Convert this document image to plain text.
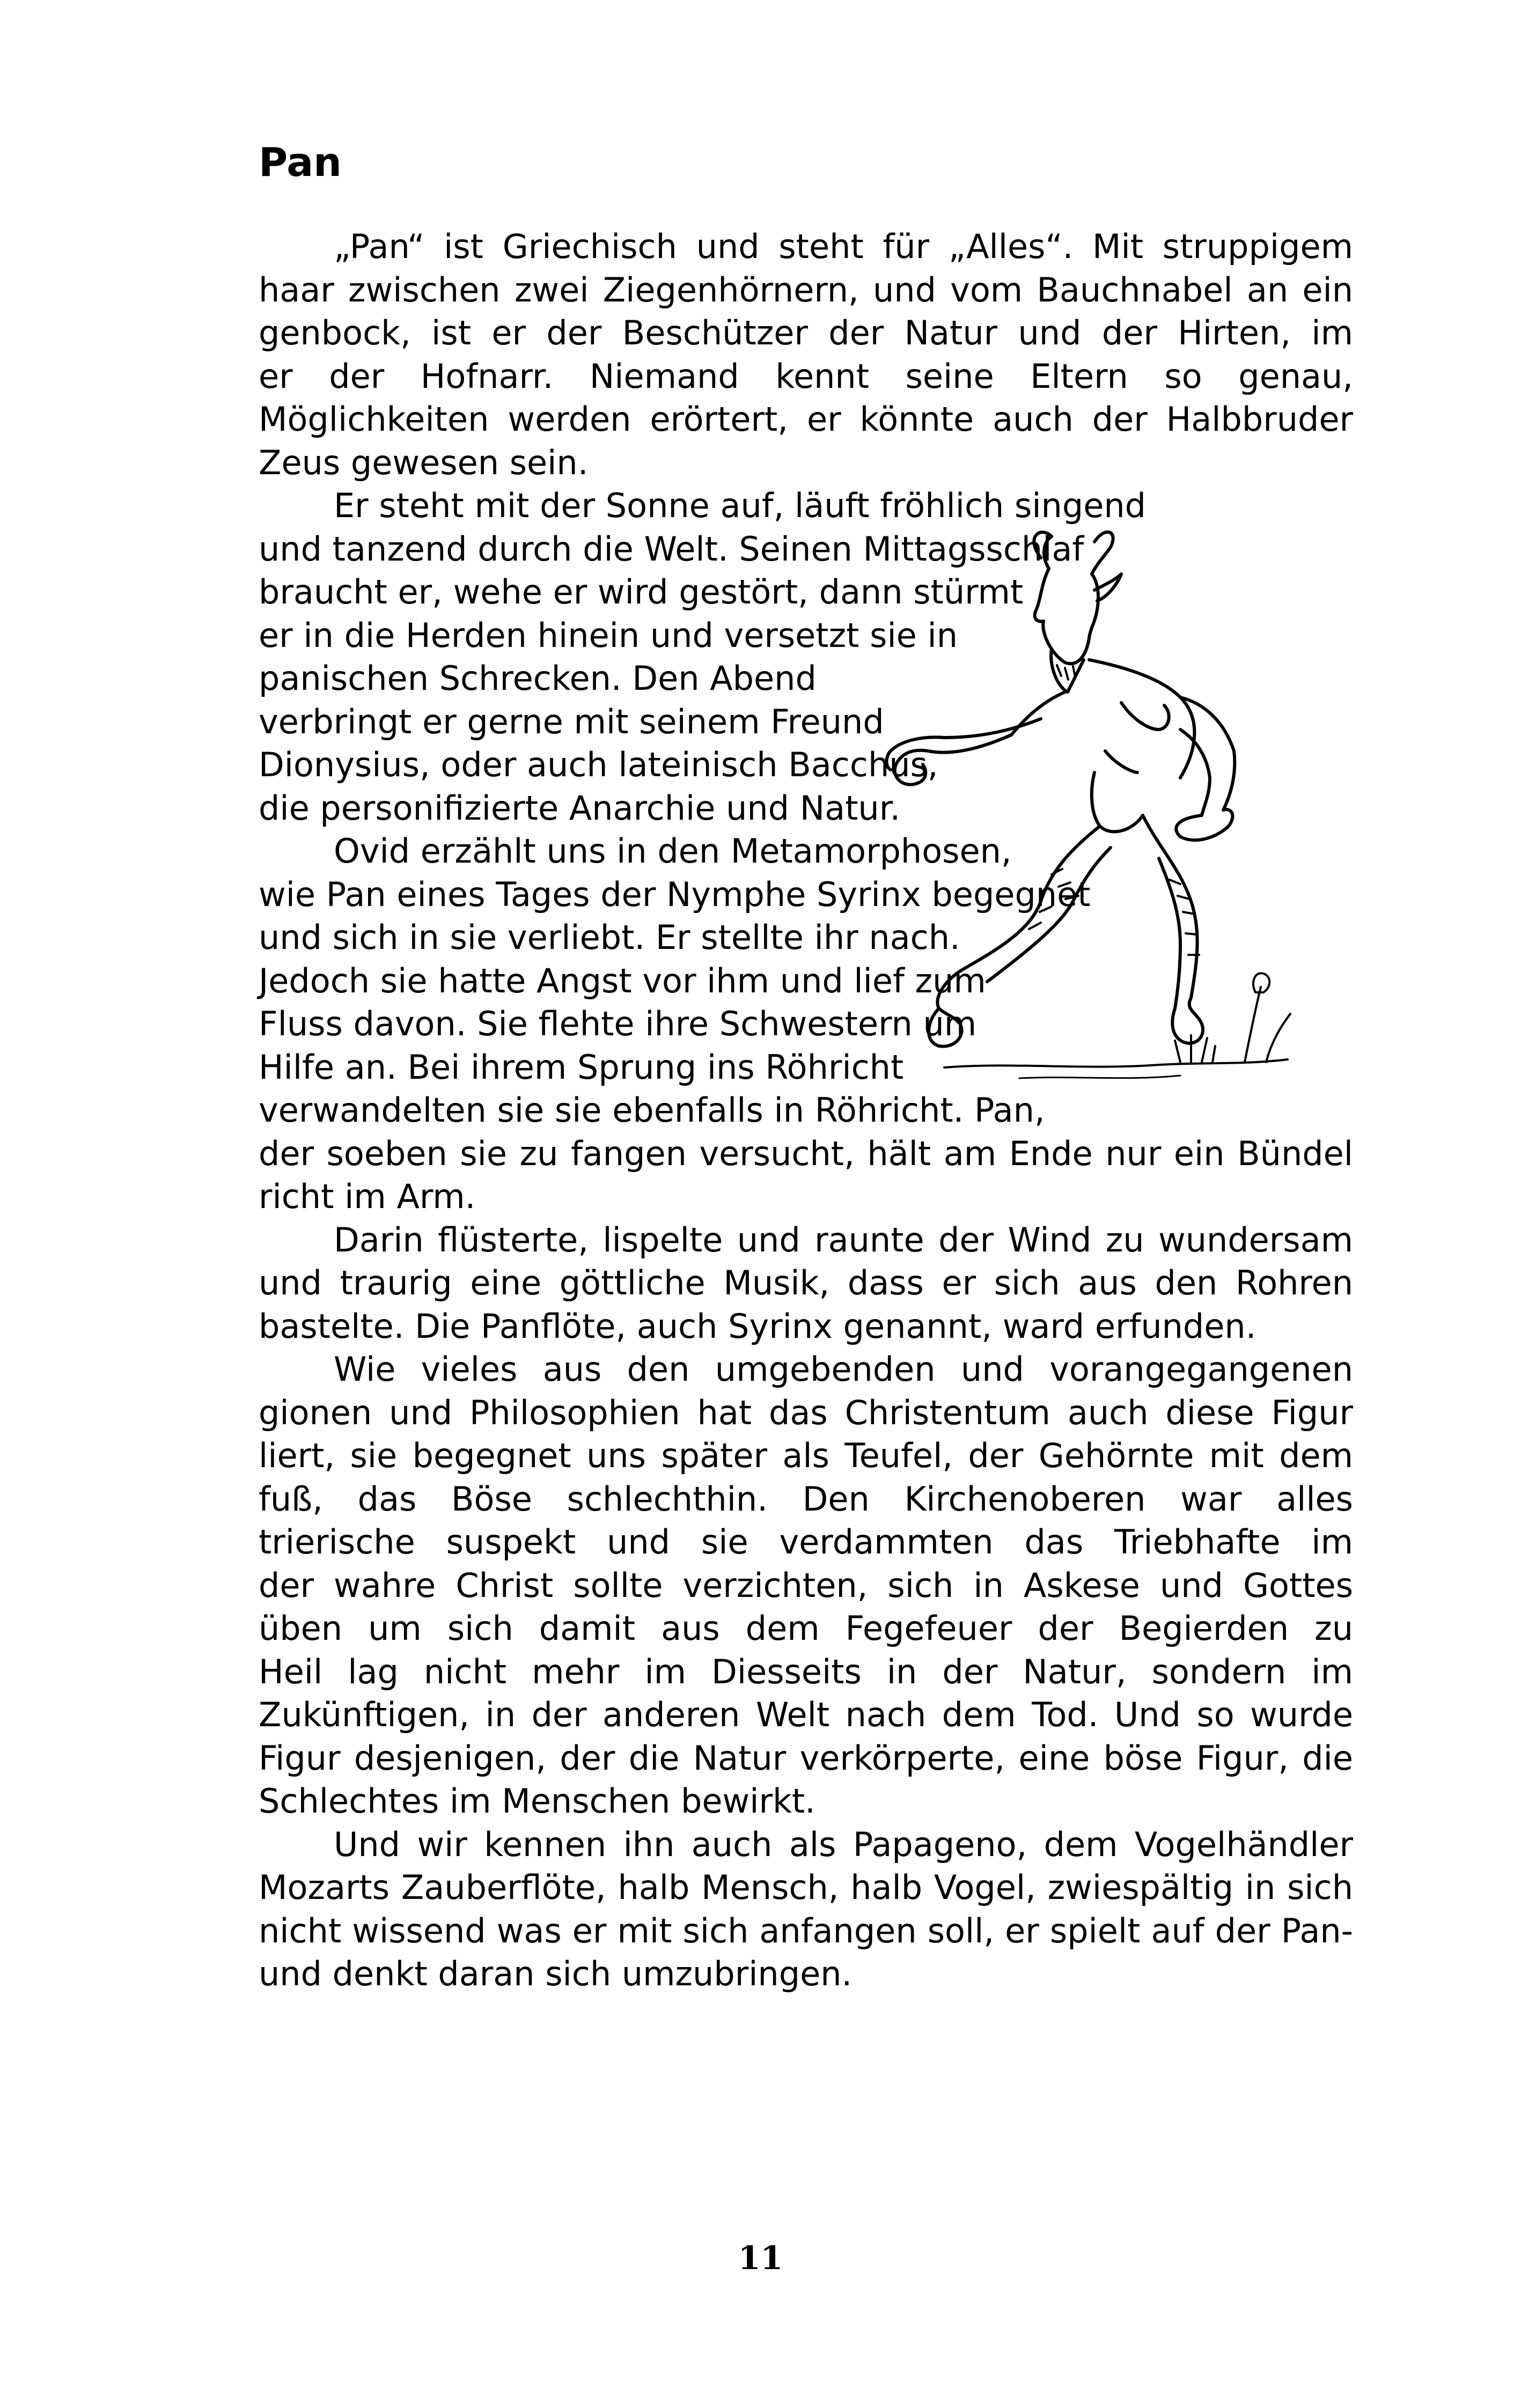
Pan
„Pan“ ist Griechisch und steht für „Alles“. Mit struppigem
haar zwischen zwei Ziegenhörnern, und vom Bauchnabel an ein
genbock, ist er der Beschützer der Natur und der Hirten, im
er der Hofnarr. Niemand kennt seine Eltern so genau,
Möglichkeiten werden erörtert, er könnte auch der Halbbruder
Zeus gewesen sein.
Er steht mit der Sonne auf, läuft fröhlich singend
und tanzend durch die Welt. Seinen Mittagsschlaf
braucht er, wehe er wird gestört, dann stürmt
er in die Herden hinein und versetzt sie in
panischen Schrecken. Den Abend
verbringt er gerne mit seinem Freund
Dionysius, oder auch lateinisch Bacchus,
die personifizierte Anarchie und Natur.
Ovid erzählt uns in den Metamorphosen,
wie Pan eines Tages der Nymphe Syrinx begegnet
und sich in sie verliebt. Er stellte ihr nach.
Jedoch sie hatte Angst vor ihm und lief zum
Fluss davon. Sie flehte ihre Schwestern um
Hilfe an. Bei ihrem Sprung ins Röhricht
verwandelten sie sie ebenfalls in Röhricht. Pan,
der soeben sie zu fangen versucht, hält am Ende nur ein Bündel
richt im Arm.
Darin flüsterte, lispelte und raunte der Wind zu wundersam
und traurig eine göttliche Musik, dass er sich aus den Rohren
bastelte. Die Panflöte, auch Syrinx genannt, ward erfunden.
Wie vieles aus den umgebenden und vorangegangenen
gionen und Philosophien hat das Christentum auch diese Figur
liert, sie begegnet uns später als Teufel, der Gehörnte mit dem
fuß, das Böse schlechthin. Den Kirchenoberen war alles
trierische suspekt und sie verdammten das Triebhafte im
der wahre Christ sollte verzichten, sich in Askese und Gottes
üben um sich damit aus dem Fegefeuer der Begierden zu
Heil lag nicht mehr im Diesseits in der Natur, sondern im
Zukünftigen, in der anderen Welt nach dem Tod. Und so wurde
Figur desjenigen, der die Natur verkörperte, eine böse Figur, die
Schlechtes im Menschen bewirkt.
Und wir kennen ihn auch als Papageno, dem Vogelhändler
Mozarts Zauberflöte, halb Mensch, halb Vogel, zwiespältig in sich
nicht wissend was er mit sich anfangen soll, er spielt auf der Pan-
und denkt daran sich umzubringen.
11
